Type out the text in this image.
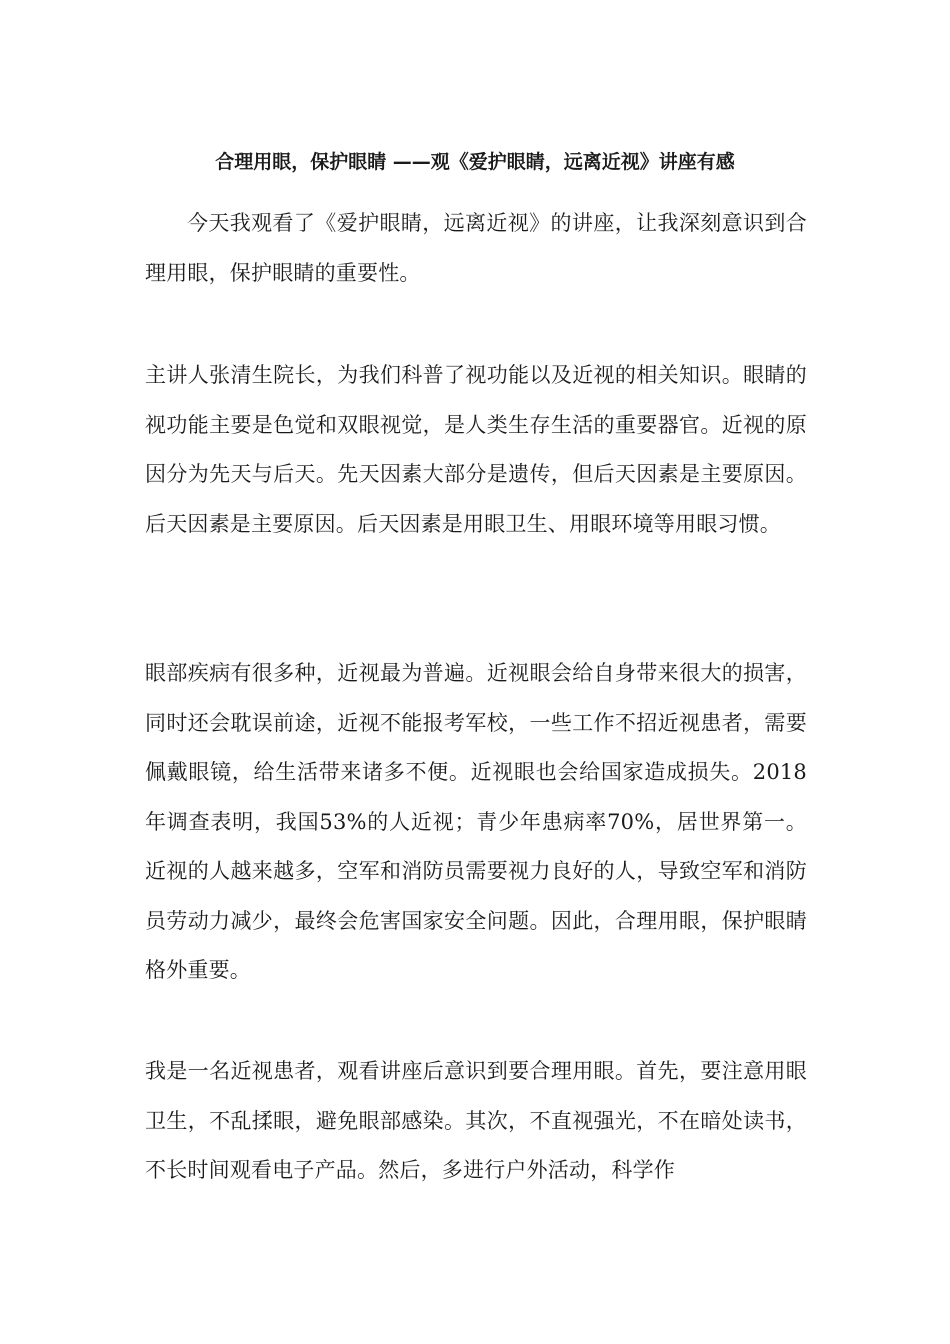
合理用眼，保护眼睛 ——观《爱护眼睛，远离近视》讲座有感

今天我观看了《爱护眼睛，远离近视》的讲座，让我深刻意识到合理用眼，保护眼睛的重要性。

主讲人张清生院长，为我们科普了视功能以及近视的相关知识。眼睛的视功能主要是色觉和双眼视觉，是人类生存生活的重要器官。近视的原因分为先天与后天。先天因素大部分是遗传，但后天因素是主要原因。后天因素是主要原因。后天因素是用眼卫生、用眼环境等用眼习惯。

眼部疾病有很多种，近视最为普遍。近视眼会给自身带来很大的损害，同时还会耽误前途，近视不能报考军校，一些工作不招近视患者，需要佩戴眼镜，给生活带来诸多不便。近视眼也会给国家造成损失。2018年调查表明，我国53%的人近视；青少年患病率70%，居世界第一。近视的人越来越多，空军和消防员需要视力良好的人，导致空军和消防员劳动力减少，最终会危害国家安全问题。因此，合理用眼，保护眼睛格外重要。

我是一名近视患者，观看讲座后意识到要合理用眼。首先，要注意用眼卫生，不乱揉眼，避免眼部感染。其次，不直视强光，不在暗处读书，不长时间观看电子产品。然后，多进行户外活动，科学作
